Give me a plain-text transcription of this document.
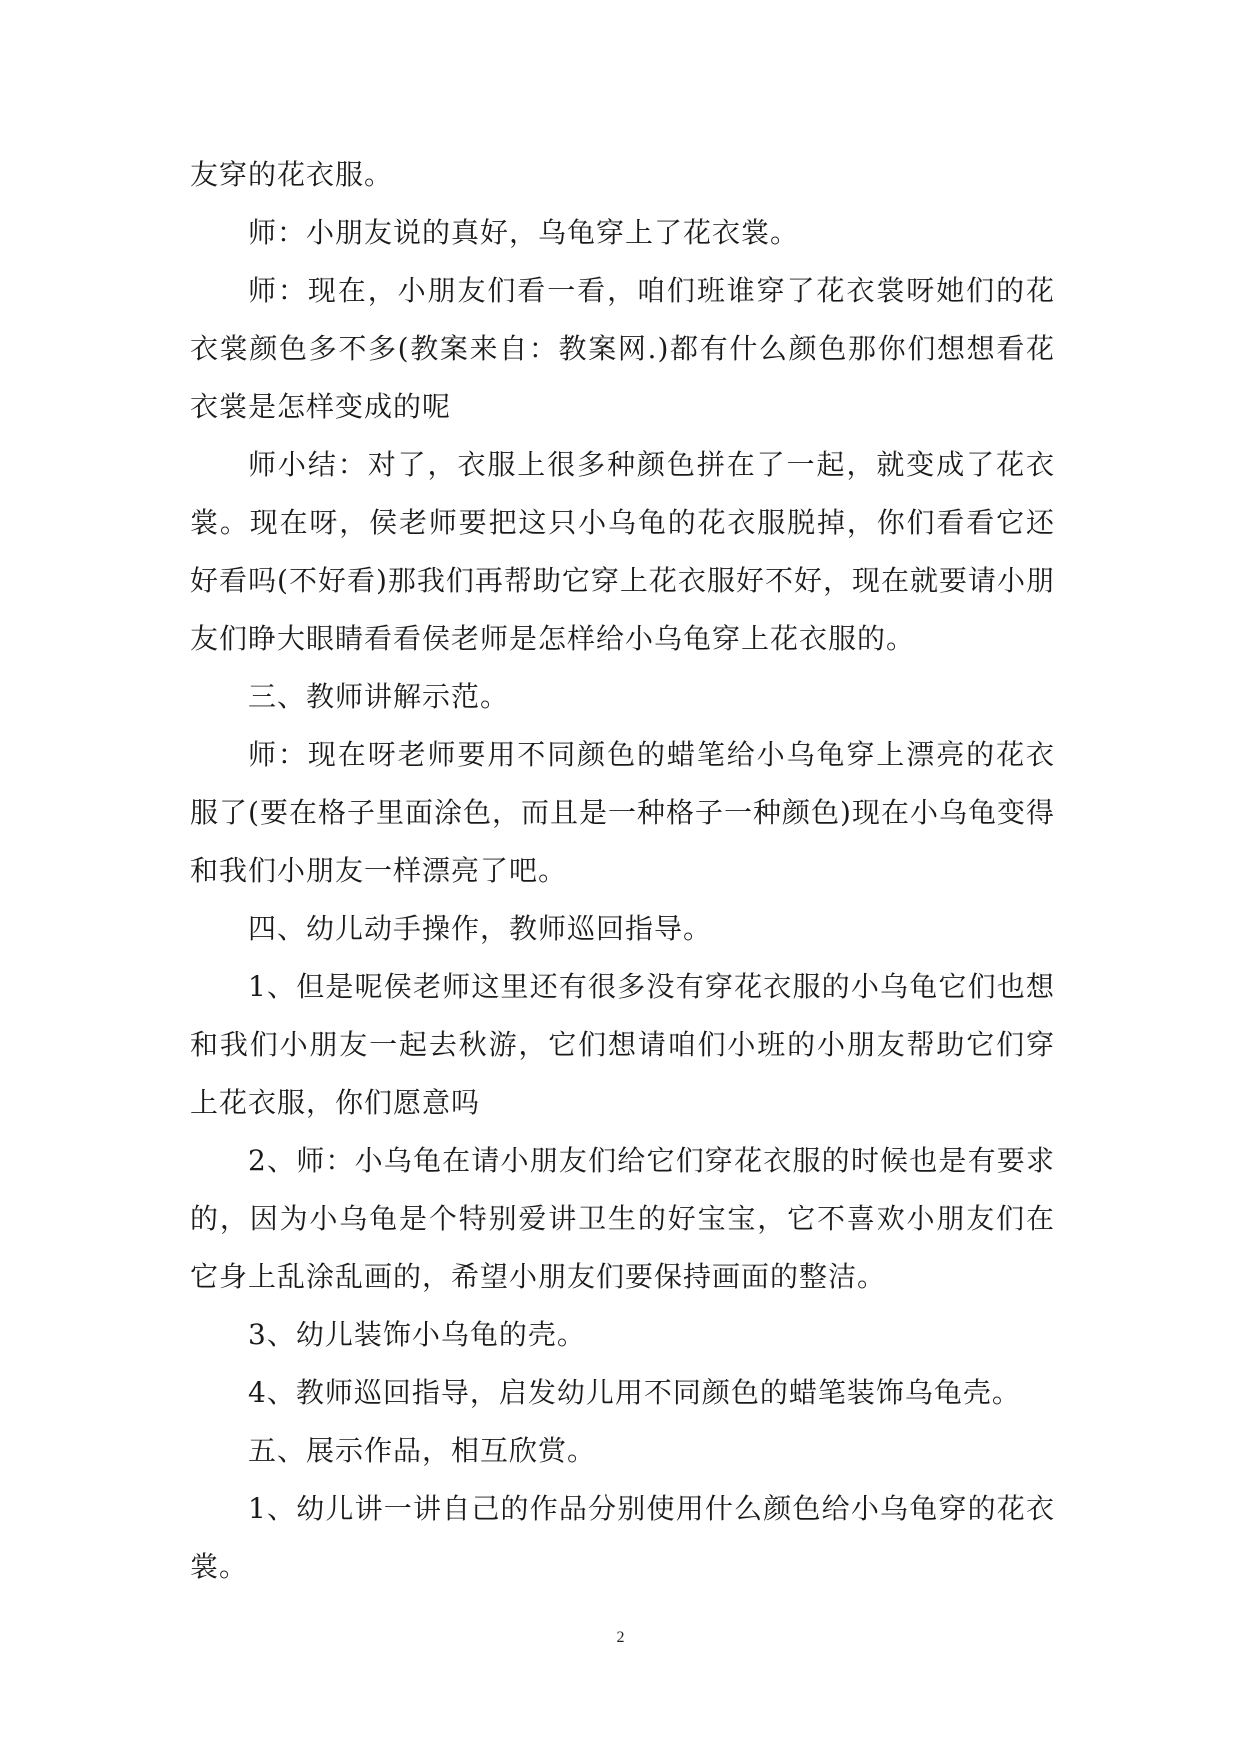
友穿的花衣服。

师：小朋友说的真好，乌龟穿上了花衣裳。

师：现在，小朋友们看一看，咱们班谁穿了花衣裳呀她们的花衣裳颜色多不多(教案来自：教案网.)都有什么颜色那你们想想看花衣裳是怎样变成的呢

师小结：对了，衣服上很多种颜色拼在了一起，就变成了花衣裳。现在呀，侯老师要把这只小乌龟的花衣服脱掉，你们看看它还好看吗(不好看)那我们再帮助它穿上花衣服好不好，现在就要请小朋友们睁大眼睛看看侯老师是怎样给小乌龟穿上花衣服的。

三、教师讲解示范。

师：现在呀老师要用不同颜色的蜡笔给小乌龟穿上漂亮的花衣服了(要在格子里面涂色，而且是一种格子一种颜色)现在小乌龟变得和我们小朋友一样漂亮了吧。

四、幼儿动手操作，教师巡回指导。

1、但是呢侯老师这里还有很多没有穿花衣服的小乌龟它们也想和我们小朋友一起去秋游，它们想请咱们小班的小朋友帮助它们穿上花衣服，你们愿意吗

2、师：小乌龟在请小朋友们给它们穿花衣服的时候也是有要求的，因为小乌龟是个特别爱讲卫生的好宝宝，它不喜欢小朋友们在它身上乱涂乱画的，希望小朋友们要保持画面的整洁。

3、幼儿装饰小乌龟的壳。

4、教师巡回指导，启发幼儿用不同颜色的蜡笔装饰乌龟壳。

五、展示作品，相互欣赏。

1、幼儿讲一讲自己的作品分别使用什么颜色给小乌龟穿的花衣裳。

2
